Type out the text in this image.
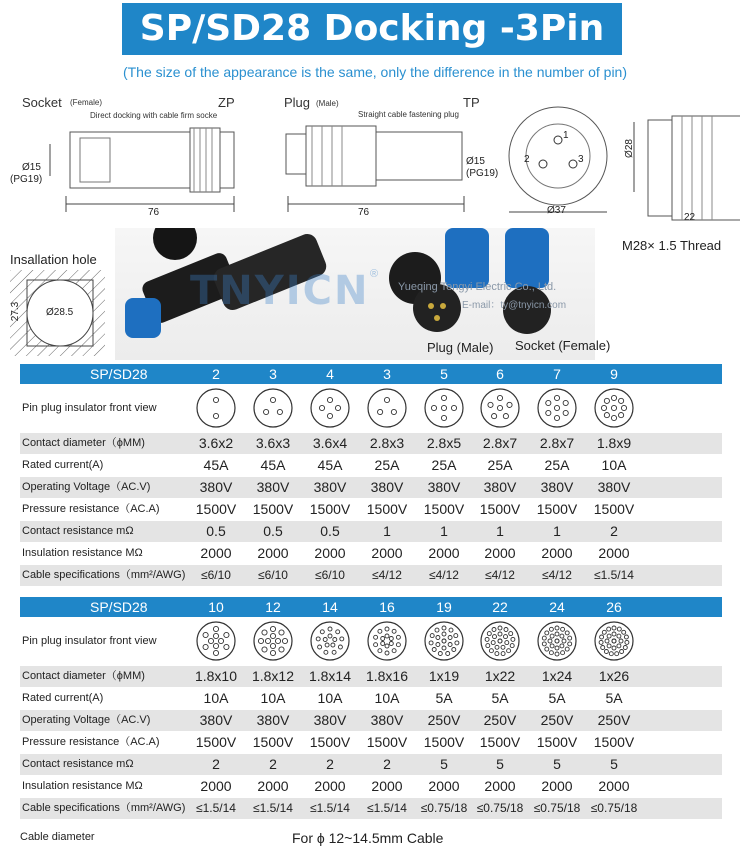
SP/SD28 Docking -3Pin
(The size of the appearance is the same, only the difference in the number of pin)
Socket (Female)	ZP
Direct docking with cable firm socke
Ø15
(PG19)
76
Plug (Male)	TP
Straight cable fastening plug
Ø15
(PG19)
76
1
2	3
Ø37
Ø28
22
M28× 1.5 Thread
Insallation hole
27.3 Ø28.5	TNYICN ®
Yueqing Tengyi Electric Co., Ltd.
E-mail：ty@tnyicn.com
Plug (Male) Socket (Female)
SP/SD28	2	3	4	3	5	6	7	9
Pin plug insulator front view
Contact diameter（ϕMM)	3.6x2	3.6x3	3.6x4	2.8x3	2.8x5	2.8x7	2.8x7	1.8x9
Rated current(A)	45A	45A	45A	25A	25A	25A	25A	10A
Operating Voltage（AC.V)	380V	380V	380V	380V	380V	380V	380V	380V
Pressure resistance（AC.A)	1500V	1500V	1500V	1500V	1500V	1500V	1500V	1500V
Contact resistance mΩ	0.5	0.5	0.5	1	1	1	1	2
Insulation resistance MΩ	2000	2000	2000	2000	2000	2000	2000	2000
Cable specifications（mm²/AWG)	≤6/10	≤6/10	≤6/10	≤4/12	≤4/12	≤4/12	≤4/12	≤1.5/14
SP/SD28	10	12	14	16	19	22	24	26
Pin plug insulator front view
Contact diameter（ϕMM)	1.8x10	1.8x12	1.8x14	1.8x16	1x19	1x22	1x24	1x26
Rated current(A)	10A	10A	10A	10A	5A	5A	5A	5A
Operating Voltage（AC.V)	380V	380V	380V	380V	250V	250V	250V	250V
Pressure resistance（AC.A)	1500V	1500V	1500V	1500V	1500V	1500V	1500V	1500V
Contact resistance mΩ	2	2	2	2	5	5	5	5
Insulation resistance MΩ	2000	2000	2000	2000	2000	2000	2000	2000
Cable specifications（mm²/AWG) ≤1.5/14	≤1.5/14	≤1.5/14	≤1.5/14	≤0.75/18 ≤0.75/18 ≤0.75/18 ≤0.75/18
Cable diameter	For ϕ 12~14.5mm Cable
